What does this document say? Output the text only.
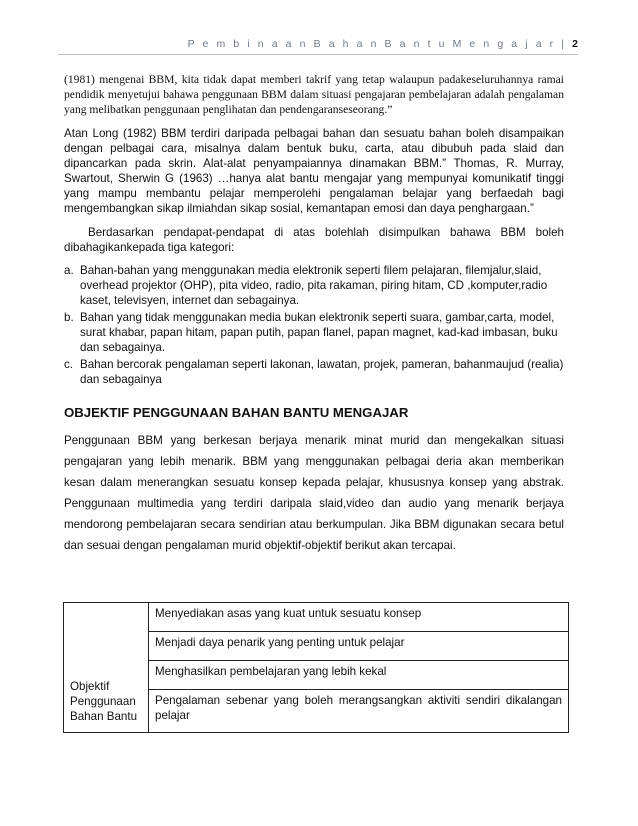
P e m b i n a a n B a h a n B a n t u M e n g a j a r | 2

(1981) mengenai BBM, kita tidak dapat memberi takrif yang tetap walaupun padakeseluruhannya ramai pendidik menyetujui bahawa penggunaan BBM dalam situasi pengajaran pembelajaran adalah pengalaman yang melibatkan penggunaan penglihatan dan pendengaranseseorang.”

Atan Long (1982) BBM terdiri daripada pelbagai bahan dan sesuatu bahan boleh disampaikan dengan pelbagai cara, misalnya dalam bentuk buku, carta, atau dibubuh pada slaid dan dipancarkan pada skrin. Alat-alat penyampaiannya dinamakan BBM.” Thomas, R. Murray, Swartout, Sherwin G (1963) …hanya alat bantu mengajar yang mempunyai komunikatif tinggi yang mampu membantu pelajar memperolehi pengalaman belajar yang berfaedah bagi mengembangkan sikap ilmiahdan sikap sosial, kemantapan emosi dan daya penghargaan.”

Berdasarkan pendapat-pendapat di atas bolehlah disimpulkan bahawa BBM boleh dibahagikankepada tiga kategori:

a. Bahan-bahan yang menggunakan media elektronik seperti filem pelajaran, filemjalur,slaid, overhead projektor (OHP), pita video, radio, pita rakaman, piring hitam, CD ,komputer,radio kaset, televisyen, internet dan sebagainya.
b. Bahan yang tidak menggunakan media bukan elektronik seperti suara, gambar,carta, model, surat khabar, papan hitam, papan putih, papan flanel, papan magnet, kad-kad imbasan, buku dan sebagainya.
c. Bahan bercorak pengalaman seperti lakonan, lawatan, projek, pameran, bahanmaujud (realia) dan sebagainya
OBJEKTIF PENGGUNAAN BAHAN BANTU MENGAJAR

Penggunaan BBM yang berkesan berjaya menarik minat murid dan mengekalkan situasi pengajaran yang lebih menarik. BBM yang menggunakan pelbagai deria akan memberikan kesan dalam menerangkan sesuatu konsep kepada pelajar, khususnya konsep yang abstrak. Penggunaan multimedia yang terdiri daripala slaid,video dan audio yang menarik berjaya mendorong pembelajaran secara sendirian atau berkumpulan. Jika BBM digunakan secara betul dan sesuai dengan pengalaman murid objektif-objektif berikut akan tercapai.

Objektif Penggunaan Bahan Bantu	Menyediakan asas yang kuat untuk sesuatu konsep
Menjadi daya penarik yang penting untuk pelajar
Menghasilkan pembelajaran yang lebih kekal
Pengalaman sebenar yang boleh merangsangkan aktiviti sendiri dikalangan pelajar
